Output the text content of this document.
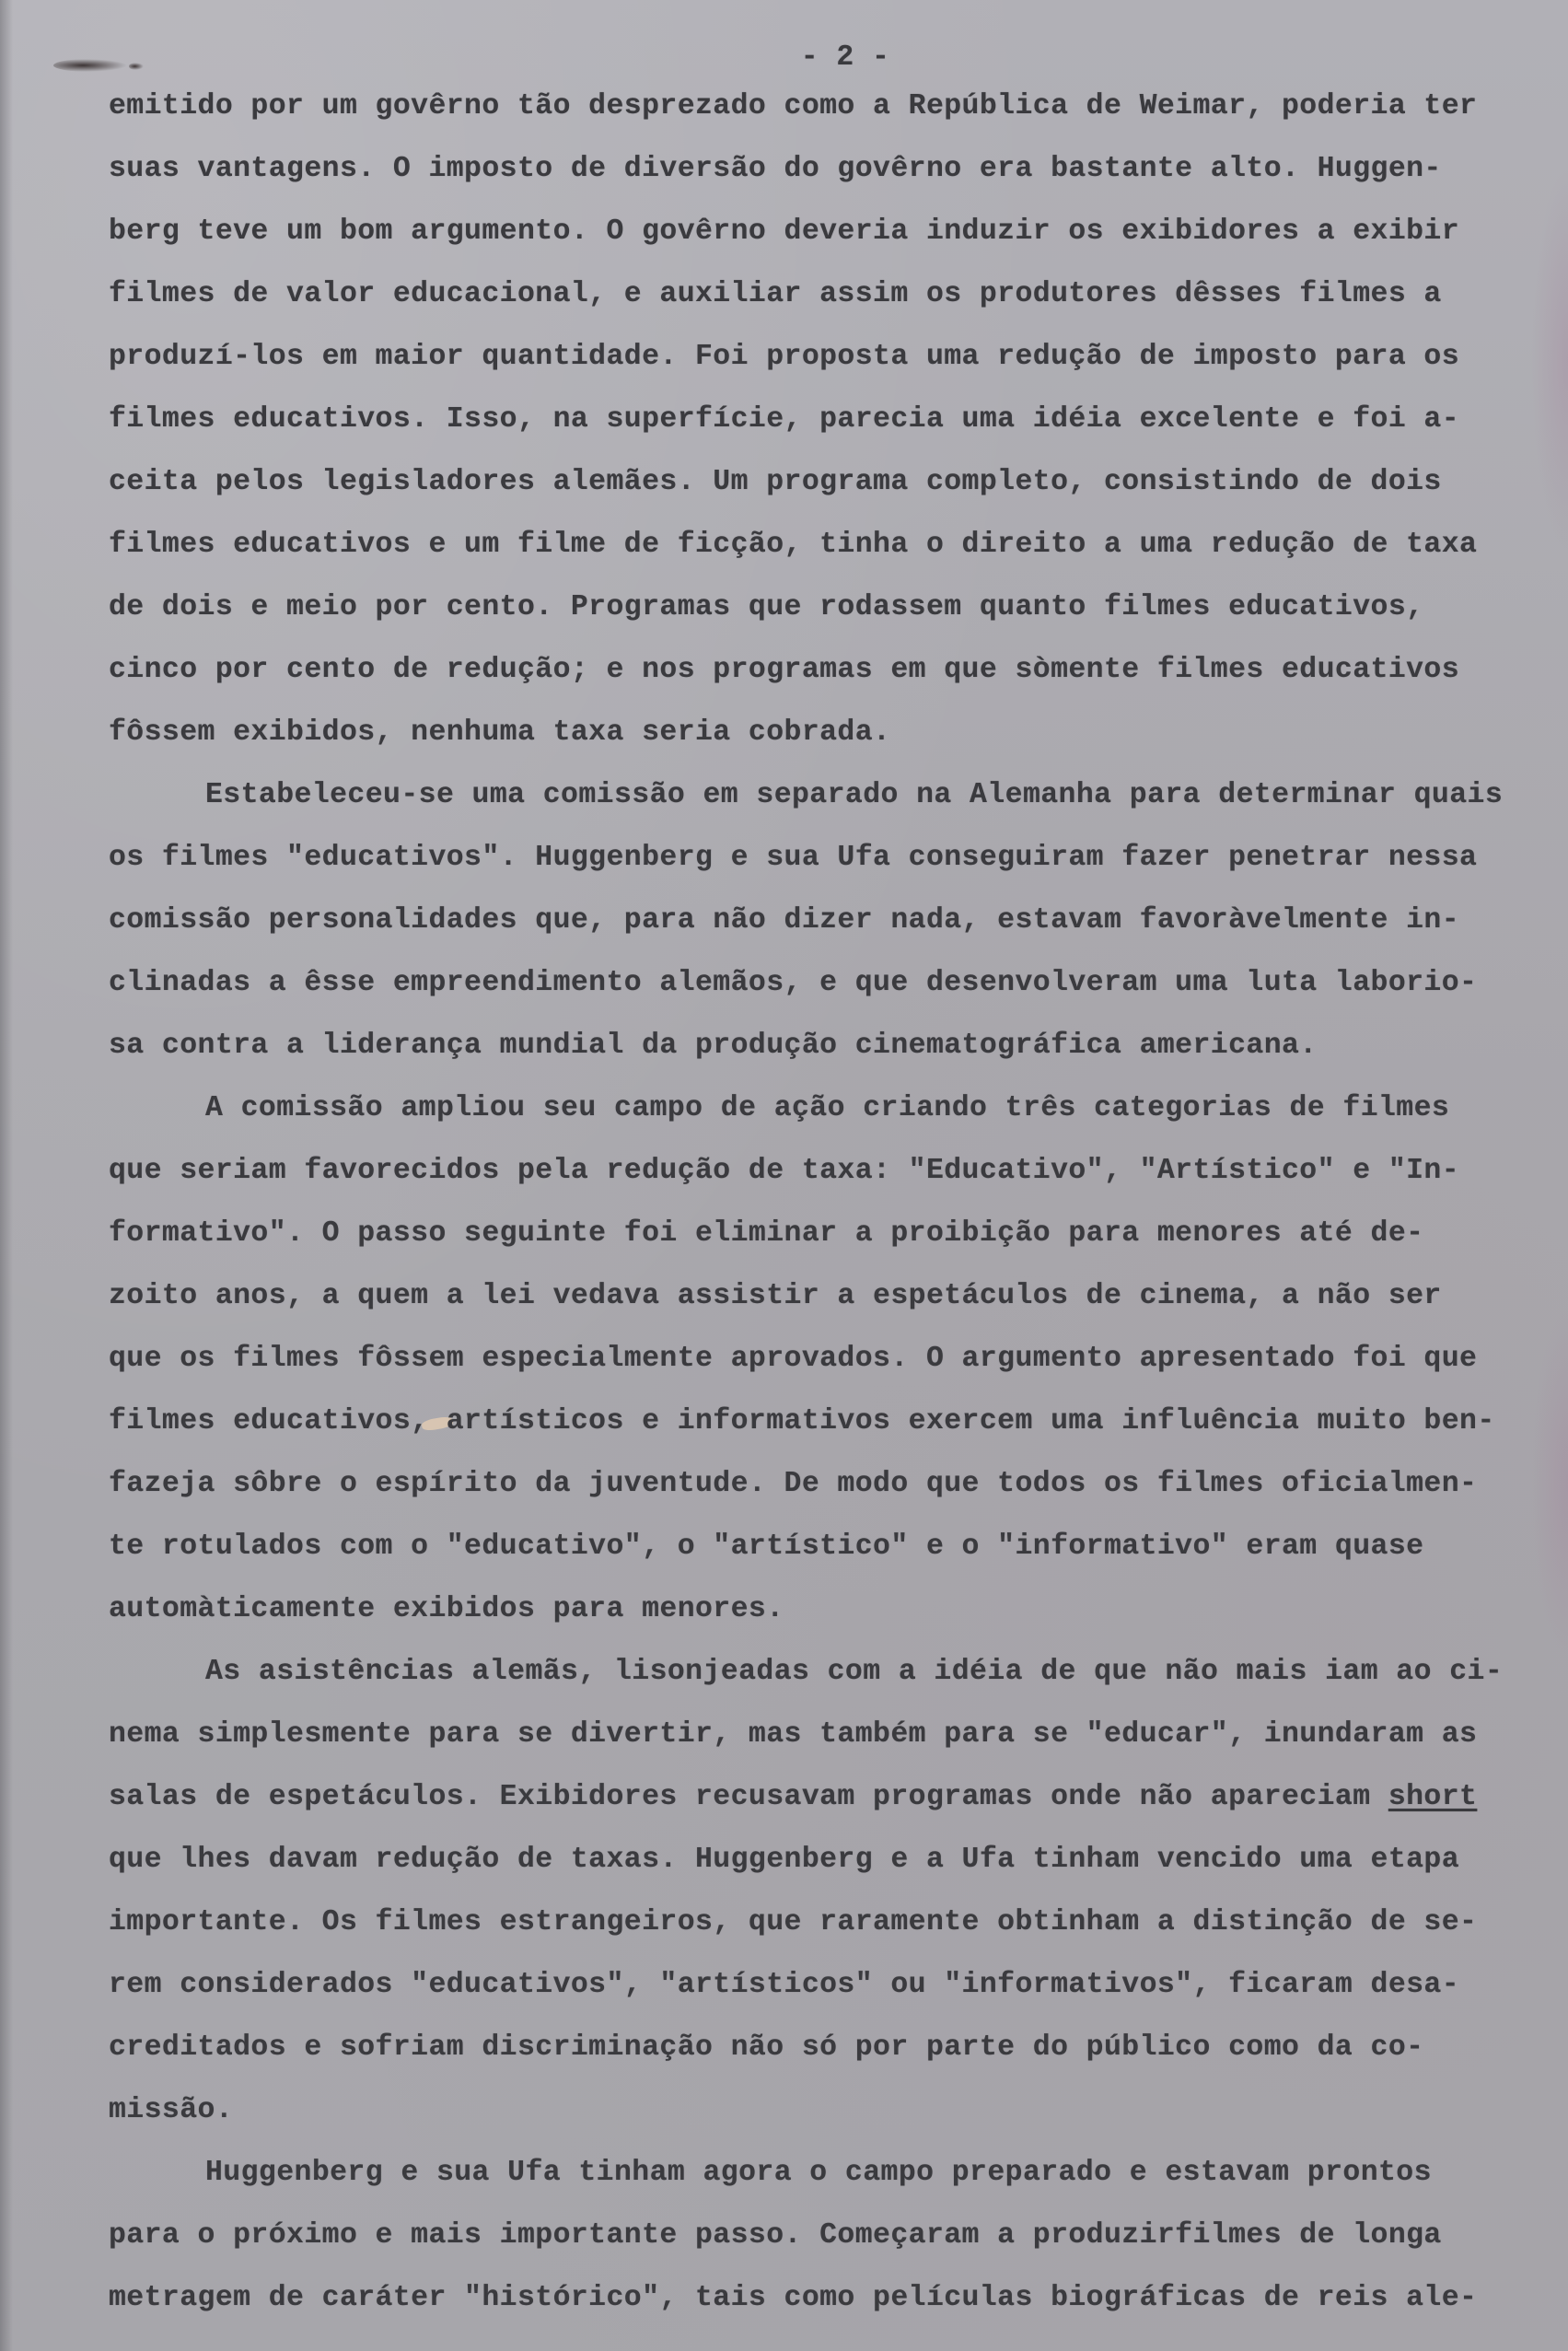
- 2 -
emitido por um govêrno tão desprezado como a República de Weimar, poderia ter
suas vantagens. O imposto de diversão do govêrno era bastante alto. Huggen-
berg teve um bom argumento. O govêrno deveria induzir os exibidores a exibir
filmes de valor educacional, e auxiliar assim os produtores dêsses filmes a
produzí-los em maior quantidade. Foi proposta uma redução de imposto para os
filmes educativos. Isso, na superfície, parecia uma idéia excelente e foi a-
ceita pelos legisladores alemães. Um programa completo, consistindo de dois
filmes educativos e um filme de ficção, tinha o direito a uma redução de taxa
de dois e meio por cento. Programas que rodassem quanto filmes educativos,
cinco por cento de redução; e nos programas em que sòmente filmes educativos
fôssem exibidos, nenhuma taxa seria cobrada.
Estabeleceu-se uma comissão em separado na Alemanha para determinar quais
os filmes "educativos". Huggenberg e sua Ufa conseguiram fazer penetrar nessa
comissão personalidades que, para não dizer nada, estavam favoràvelmente in-
clinadas a êsse empreendimento alemãos, e que desenvolveram uma luta laborio-
sa contra a liderança mundial da produção cinematográfica americana.
A comissão ampliou seu campo de ação criando três categorias de filmes
que seriam favorecidos pela redução de taxa: "Educativo", "Artístico" e "In-
formativo". O passo seguinte foi eliminar a proibição para menores até de-
zoito anos, a quem a lei vedava assistir a espetáculos de cinema, a não ser
que os filmes fôssem especialmente aprovados. O argumento apresentado foi que
filmes educativos, artísticos e informativos exercem uma influência muito ben-
fazeja sôbre o espírito da juventude. De modo que todos os filmes oficialmen-
te rotulados com o "educativo", o "artístico" e o "informativo" eram quase
automàticamente exibidos para menores.
As asistências alemãs, lisonjeadas com a idéia de que não mais iam ao ci-
nema simplesmente para se divertir, mas também para se "educar", inundaram as
salas de espetáculos. Exibidores recusavam programas onde não apareciam short
que lhes davam redução de taxas. Huggenberg e a Ufa tinham vencido uma etapa
importante. Os filmes estrangeiros, que raramente obtinham a distinção de se-
rem considerados "educativos", "artísticos" ou "informativos", ficaram desa-
creditados e sofriam discriminação não só por parte do público como da co-
missão.
Huggenberg e sua Ufa tinham agora o campo preparado e estavam prontos
para o próximo e mais importante passo. Começaram a produzirfilmes de longa
metragem de caráter "histórico", tais como películas biográficas de reis ale-
